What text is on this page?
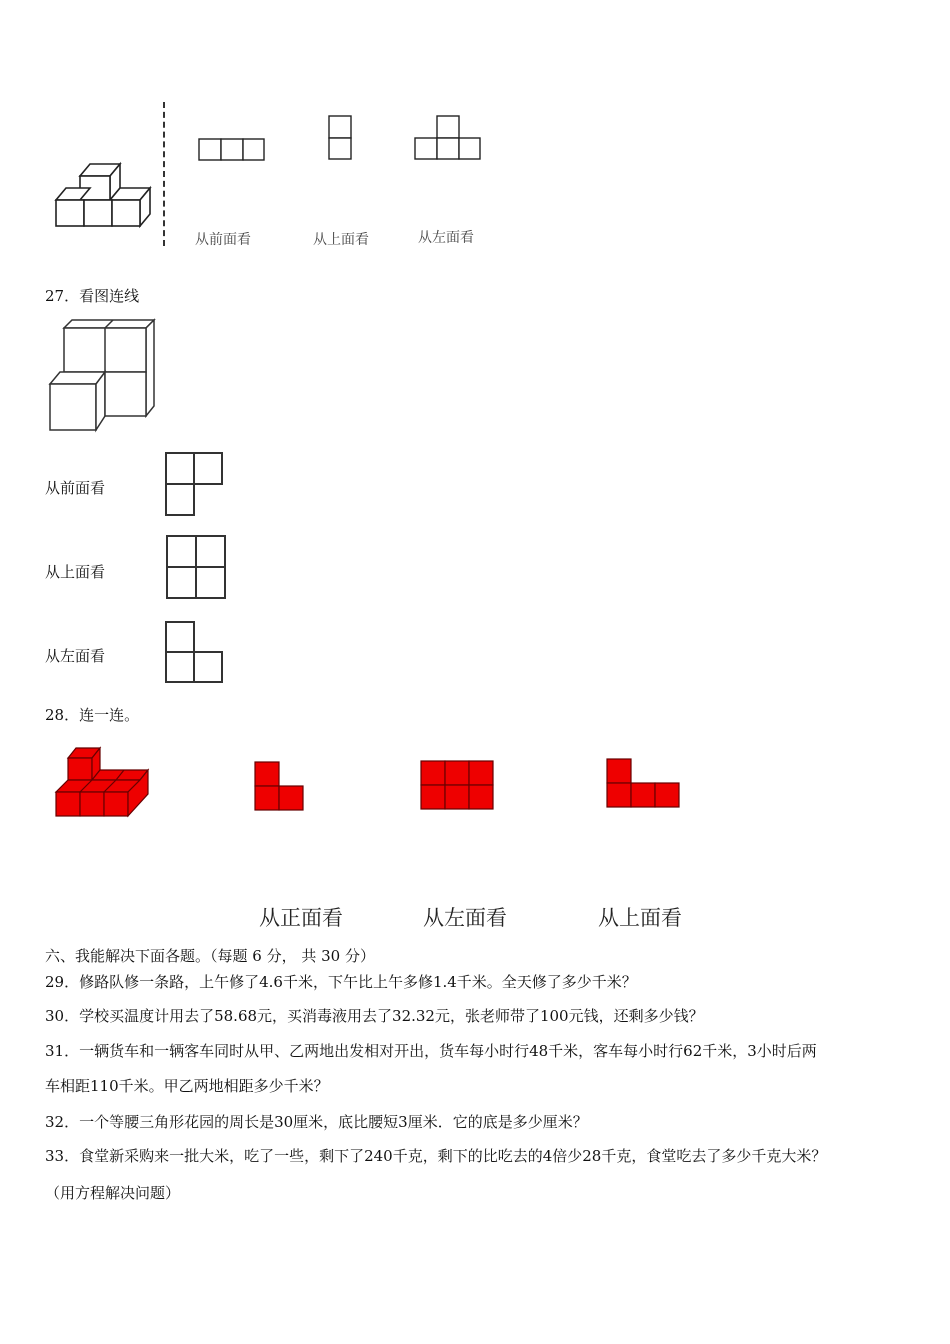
从前面看	从上面看	从左面看
27．看图连线
从前面看
从上面看
从左面看
28．连一连。
从正面看	从左面看	从上面看
六、我能解决下面各题。（每题 6 分， 共 30 分）
29．修路队修一条路，上午修了4.6千米，下午比上午多修1.4千米。全天修了多少千米？
30．学校买温度计用去了58.68元，买消毒液用去了32.32元，张老师带了100元钱，还剩多少钱？
31．一辆货车和一辆客车同时从甲、乙两地出发相对开出，货车每小时行48千米，客车每小时行62千米，3小时后两
车相距110千米。甲乙两地相距多少千米？
32．一个等腰三角形花园的周长是30厘米，底比腰短3厘米．它的底是多少厘米？
33．食堂新采购来一批大米，吃了一些，剩下了240千克，剩下的比吃去的4倍少28千克，食堂吃去了多少千克大米？
（用方程解决问题）
